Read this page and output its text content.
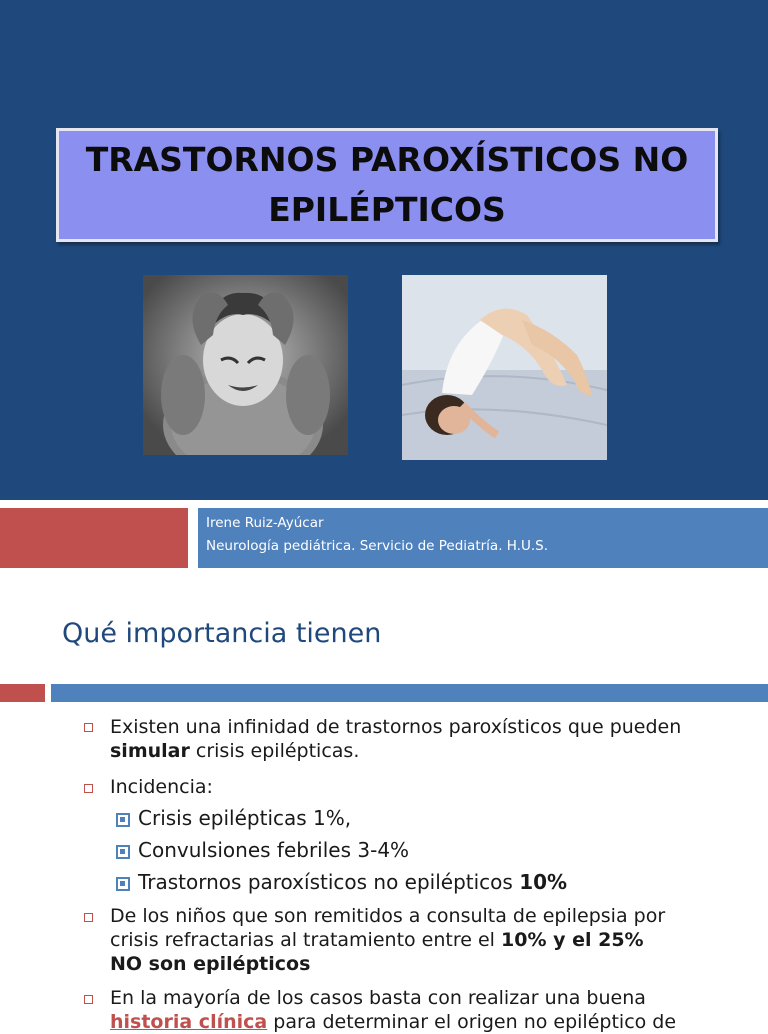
TRASTORNOS PAROXÍSTICOS NO
EPILÉPTICOS
Irene Ruiz-Ayúcar
Neurología pediátrica. Servicio de Pediatría. H.U.S.
Qué importancia tienen
Existen una infinidad de trastornos paroxísticos que pueden
simular crisis epilépticas.
Incidencia:
Crisis epilépticas 1%,
Convulsiones febriles 3-4%
Trastornos paroxísticos no epilépticos 10%
De los niños que son remitidos a consulta de epilepsia por
crisis refractarias al tratamiento entre el 10% y el 25%
NO son epilépticos
En la mayoría de los casos basta con realizar una buena
historia clínica para determinar el origen no epiléptico de
